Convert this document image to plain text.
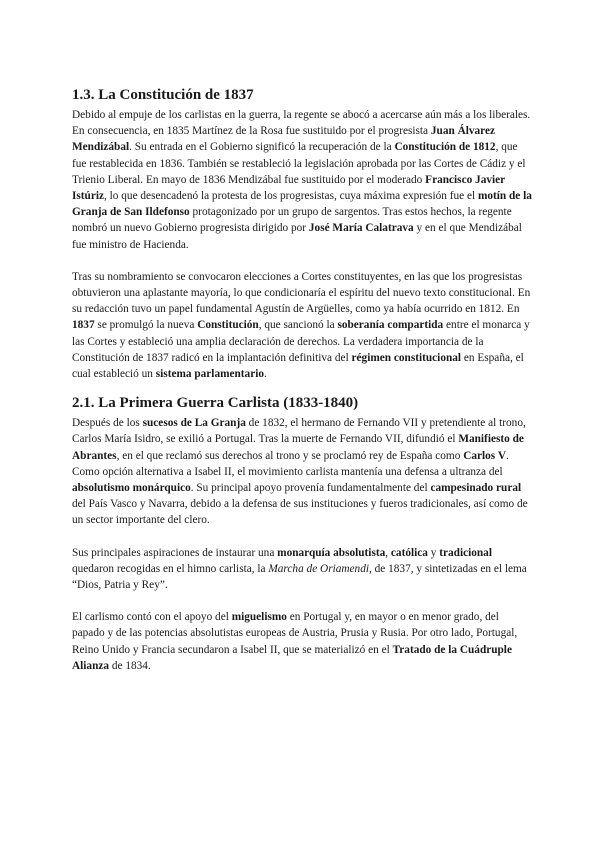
1.3. La Constitución de 1837

Debido al empuje de los carlistas en la guerra, la regente se abocó a acercarse aún más a los liberales. En consecuencia, en 1835 Martínez de la Rosa fue sustituido por el progresista Juan Álvarez Mendizábal. Su entrada en el Gobierno significó la recuperación de la Constitución de 1812, que fue restablecida en 1836. También se restableció la legislación aprobada por las Cortes de Cádiz y el Trienio Liberal. En mayo de 1836 Mendizábal fue sustituido por el moderado Francisco Javier Istúriz, lo que desencadenó la protesta de los progresistas, cuya máxima expresión fue el motín de la Granja de San Ildefonso protagonizado por un grupo de sargentos. Tras estos hechos, la regente nombró un nuevo Gobierno progresista dirigido por José María Calatrava y en el que Mendizábal fue ministro de Hacienda.

Tras su nombramiento se convocaron elecciones a Cortes constituyentes, en las que los progresistas obtuvieron una aplastante mayoría, lo que condicionaría el espíritu del nuevo texto constitucional. En su redacción tuvo un papel fundamental Agustín de Argüelles, como ya había ocurrido en 1812. En 1837 se promulgó la nueva Constitución, que sancionó la soberanía compartida entre el monarca y las Cortes y estableció una amplia declaración de derechos. La verdadera importancia de la Constitución de 1837 radicó en la implantación definitiva del régimen constitucional en España, el cual estableció un sistema parlamentario.

2.1. La Primera Guerra Carlista (1833-1840)

Después de los sucesos de La Granja de 1832, el hermano de Fernando VII y pretendiente al trono, Carlos María Isidro, se exilió a Portugal. Tras la muerte de Fernando VII, difundió el Manifiesto de Abrantes, en el que reclamó sus derechos al trono y se proclamó rey de España como Carlos V.

Como opción alternativa a Isabel II, el movimiento carlista mantenía una defensa a ultranza del absolutismo monárquico. Su principal apoyo provenía fundamentalmente del campesinado rural del País Vasco y Navarra, debido a la defensa de sus instituciones y fueros tradicionales, así como de un sector importante del clero.

Sus principales aspiraciones de instaurar una monarquía absolutista, católica y tradicional quedaron recogidas en el himno carlista, la Marcha de Oriamendi, de 1837, y sintetizadas en el lema “Dios, Patria y Rey”.

El carlismo contó con el apoyo del miguelismo en Portugal y, en mayor o en menor grado, del papado y de las potencias absolutistas europeas de Austria, Prusia y Rusia. Por otro lado, Portugal, Reino Unido y Francia secundaron a Isabel II, que se materializó en el Tratado de la Cuádruple Alianza de 1834.
